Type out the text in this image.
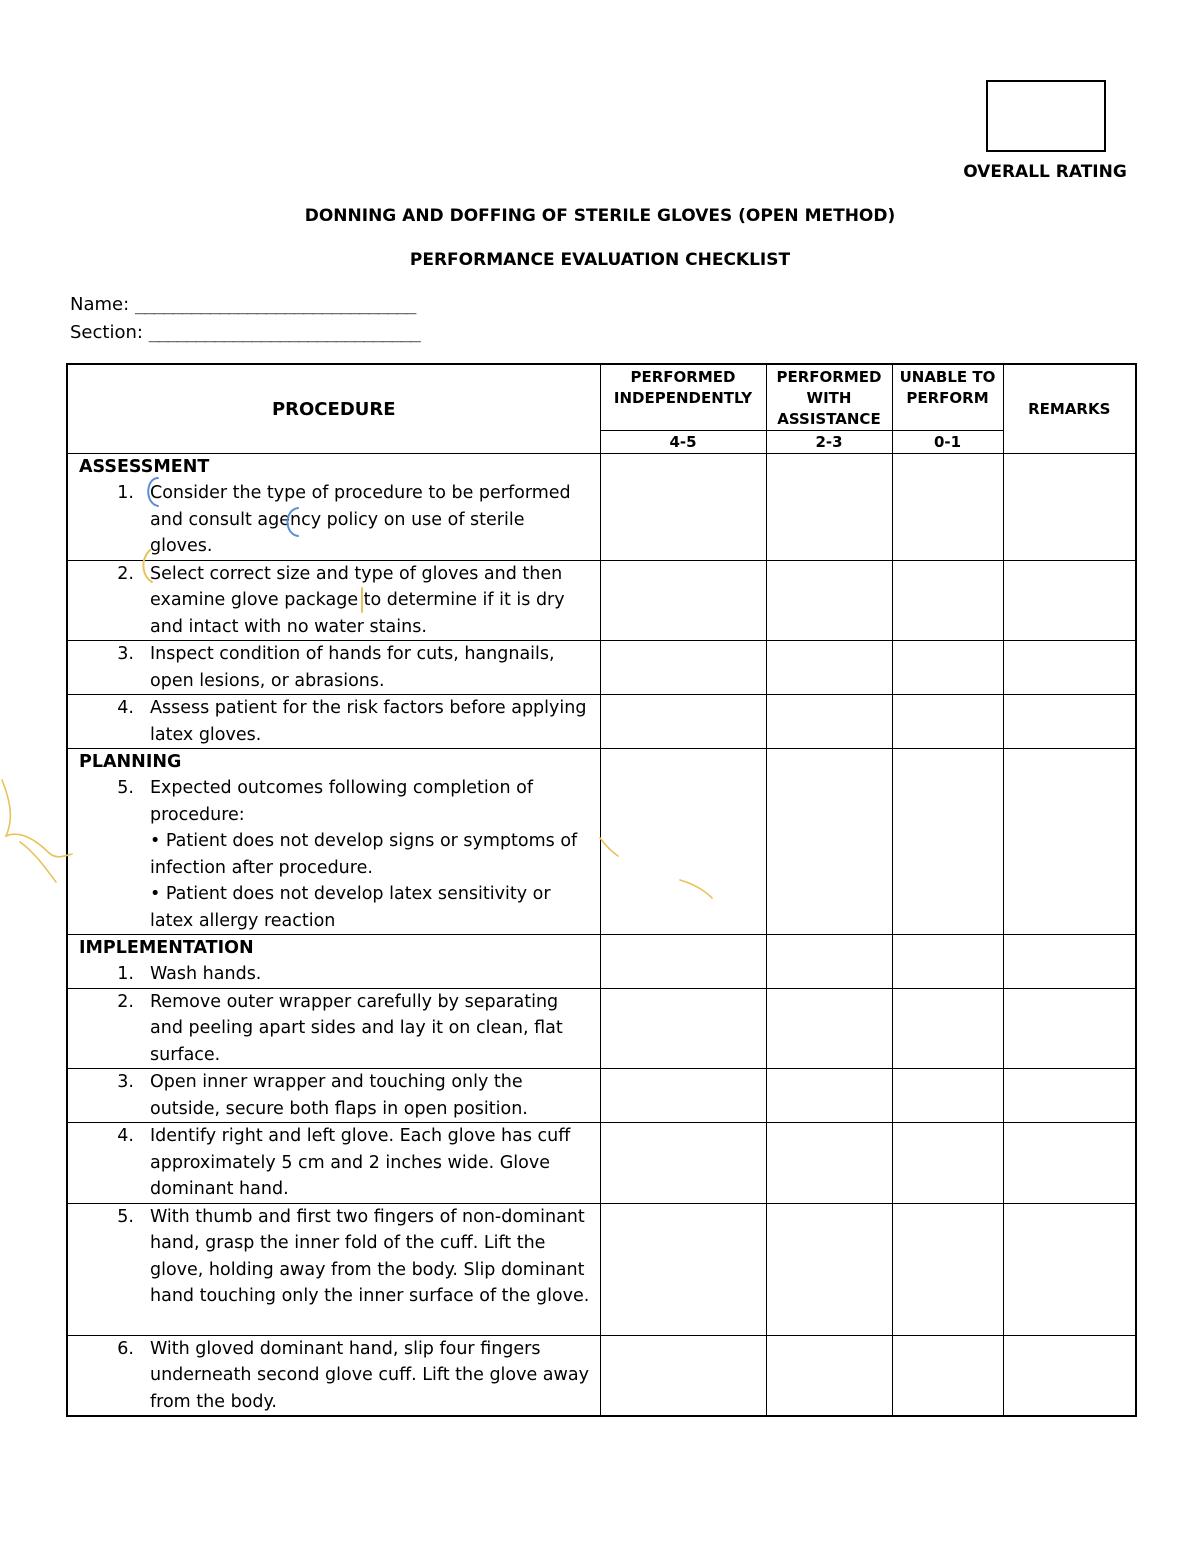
OVERALL RATING
DONNING AND DOFFING OF STERILE GLOVES (OPEN METHOD)
PERFORMANCE EVALUATION CHECKLIST
Name: ______________________________
Section: _____________________________
PROCEDURE	PERFORMED INDEPENDENTLY	PERFORMED WITH ASSISTANCE	UNABLE TO PERFORM	REMARKS
	4-5	2-3	0-1	

ASSESSMENT
1. Consider the type of procedure to be performed and consult agency policy on use of sterile gloves.				

2. Select correct size and type of gloves and then examine glove package to determine if it is dry and intact with no water stains.				

3. Inspect condition of hands for cuts, hangnails, open lesions, or abrasions.				

4. Assess patient for the risk factors before applying latex gloves.				

PLANNING
5. Expected outcomes following completion of procedure:
• Patient does not develop signs or symptoms of infection after procedure.
• Patient does not develop latex sensitivity or latex allergy reaction				

IMPLEMENTATION
1. Wash hands.				

2. Remove outer wrapper carefully by separating and peeling apart sides and lay it on clean, flat surface.				

3. Open inner wrapper and touching only the outside, secure both flaps in open position.				

4. Identify right and left glove. Each glove has cuff approximately 5 cm and 2 inches wide. Glove dominant hand.				

5. With thumb and first two fingers of non-dominant hand, grasp the inner fold of the cuff. Lift the glove, holding away from the body. Slip dominant hand touching only the inner surface of the glove.				

6. With gloved dominant hand, slip four fingers underneath second glove cuff. Lift the glove away from the body.				
